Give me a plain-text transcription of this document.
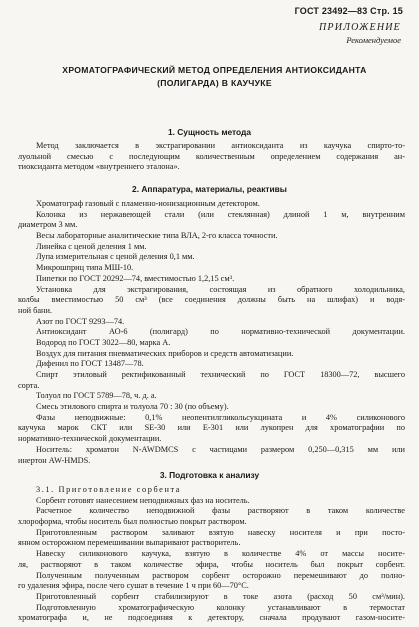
ГОСТ 23492—83 Стр. 15
ПРИЛОЖЕНИЕ
Рекомендуемое
ХРОМАТОГРАФИЧЕСКИЙ МЕТОД ОПРЕДЕЛЕНИЯ АНТИОКСИДАНТА
(ПОЛИГАРДА) В КАУЧУКЕ
1. Сущность метода
Метод заключается в экстрагировании антиоксиданта из каучука спирто-то-
луольной смесью с последующим количественным определением содержания ан-
тиоксиданта методом «внутреннего эталона».
2. Аппаратура, материалы, реактивы
Хроматограф газовый с пламенно-ионизационным детектором.
Колонка из нержавеющей стали (или стеклянная) длиной 1 м, внутренним
диаметром 3 мм.
Весы лабораторные аналитические типа ВЛА, 2-го класса точности.
Линейка с ценой деления 1 мм.
Лупа измерительная с ценой деления 0,1 мм.
Микрошприц типа МШ-10.
Пипетки по ГОСТ 20292—74, вместимостью 1,2,15 см³.
Установка для экстрагирования, состоящая из обратного холодильника,
колбы вместимостью 50 см³ (все соединения должны быть на шлифах) и водя-
ной бани.
Азот по ГОСТ 9293—74.
Антиоксидант АО-6 (полигард) по нормативно-технической документации.
Водород по ГОСТ 3022—80, марка А.
Воздух для питания пневматических приборов и средств автоматизации.
Дифенил по ГОСТ 13487—78.
Спирт этиловый ректификованный технический по ГОСТ 18300—72, высшего
сорта.
Толуол по ГОСТ 5789—78, ч. д. а.
Смесь этилового спирта и толуола 70 : 30 (по объему).
Фазы неподвижные: 0,1% неопентилгликольсукцината и 4% силиконового
каучука марок СКТ или SE-30 или Е-301 или лукопрен для хроматографии по
нормативно-технической документации.
Носитель: хроматон N-AWDMCS с частицами размером 0,250—0,315 мм или
инертон AW-HMDS.
3. Подготовка к анализу
3.1. Приготовление сорбента
Сорбент готовят нанесением неподвижных фаз на носитель.
Расчетное количество неподвижной фазы растворяют в таком количестве
хлороформа, чтобы носитель был полностью покрыт раствором.
Приготовленным раствором заливают взятую навеску носителя и при посто-
янном осторожном перемешивании выпаривают растворитель.
Навеску силиконового каучука, взятую в количестве 4% от массы носите-
ля, растворяют в таком количестве эфира, чтобы носитель был покрыт сорбент.
Полученным полученным раствором сорбент осторожно перемешивают до полно-
го удаления эфира, после чего сушат в течение 1 ч при 60—70°С.
Приготовленный сорбент стабилизируют в токе азота (расход 50 см³/мин).
Подготовленную хроматографическую колонку устанавливают в термостат
хроматографа и, не подсоединяя к детектору, сначала продувают газом-носите-
